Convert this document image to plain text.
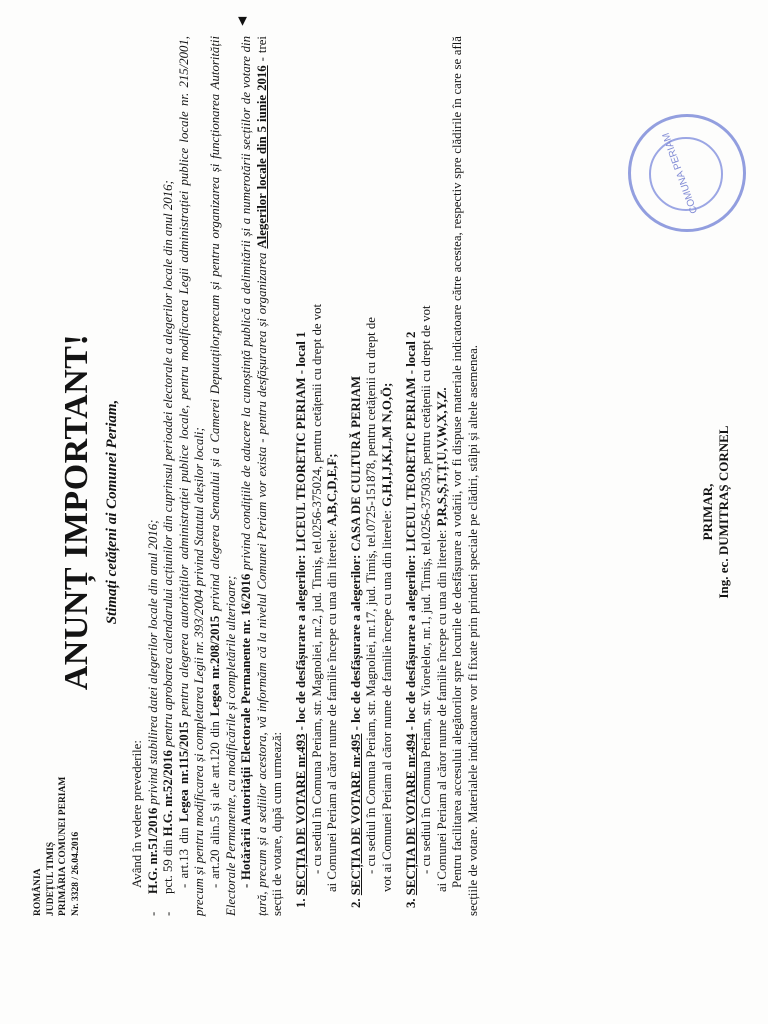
▾
ROMÂNIA JUDEȚUL TIMIȘ PRIMĂRIA COMUNEI PERIAM Nr. 3328 / 26.04.2016
ANUNȚ IMPORTANT! Stimați cetățeni ai Comunei Periam,

Având în vedere prevederile:

-H.G. nr.51/2016 privind stabilirea datei alegerilor locale din anul 2016;

-pct. 59 din H.G. nr.52/2016 pentru aprobarea calendarului acțiunilor din cuprinsul perioadei electorale a alegerilor locale din anul 2016;

- art.13 din Legea nr.115/2015 pentru alegerea autorităților administrației publice locale, pentru modificarea Legii administrației publice locale nr. 215/2001, precum și pentru modificarea și completarea Legii nr. 393/2004 privind Statutul aleșilor locali; - art.20 alin.5 și ale art.120 din Legea nr.208/2015 privind alegerea Senatului și a Camerei Deputaților,precum și pentru organizarea și funcționarea Autorității Electorale Permanente, cu modificările și completările ulterioare; - Hotărârii Autorității Electorale Permanente nr. 16/2016 privind condițiile de aducere la cunoștință publică a delimitării și a numerotării secțiilor de votare din țară, precum și a sediilor acestora, vă informăm că la nivelul Comunei Periam vor exista - pentru desfășurarea și organizarea Alegerilor locale din 5 iunie 2016 - trei secții de votare, după cum urmează: 1. SECȚIA DE VOTARE nr.493 - loc de desfășurare a alegerilor: LICEUL TEORETIC PERIAM - local 1 - cu sediul în Comuna Periam, str. Magnoliei, nr.2, jud. Timiș, tel.0256-375024, pentru cetățenii cu drept de vot ai Comunei Periam al căror nume de familie începe cu una din literele: A,B,C,D,E,F;

2. SECȚIA DE VOTARE nr.495 - loc de desfășurare a alegerilor: CASA DE CULTURĂ PERIAM - cu sediul în Comuna Periam, str. Magnoliei, nr.17, jud. Timiș, tel.0725-151878, pentru cetățenii cu drept de vot ai Comunei Periam al căror nume de familie începe cu una din literele: G,H,I,J,K,L,M N,O,Ö;

3. SECȚIA DE VOTARE nr.494 - loc de desfășurare a alegerilor: LICEUL TEORETIC PERIAM - local 2 - cu sediul în Comuna Periam, str. Viorelelor, nr.1, jud. Timiș, tel.0256-375035, pentru cetățenii cu drept de vot ai Comunei Periam al căror nume de familie începe cu una din literele: P,R,S,Ș,T,Ț,U,V,W,X,Y,Z. Pentru facilitarea accesului alegătorilor spre locurile de desfășurare a votării, vor fi dispuse materiale indicatoare către acestea, respectiv spre clădirile în care se află secțiile de votare. Materialele indicatoare vor fi fixate prin prinderi speciale pe clădiri, stâlpi și altele asemenea.	PRIMAR, Ing. ec. DUMITRAȘ CORNEL
COMUNA PERIAM
